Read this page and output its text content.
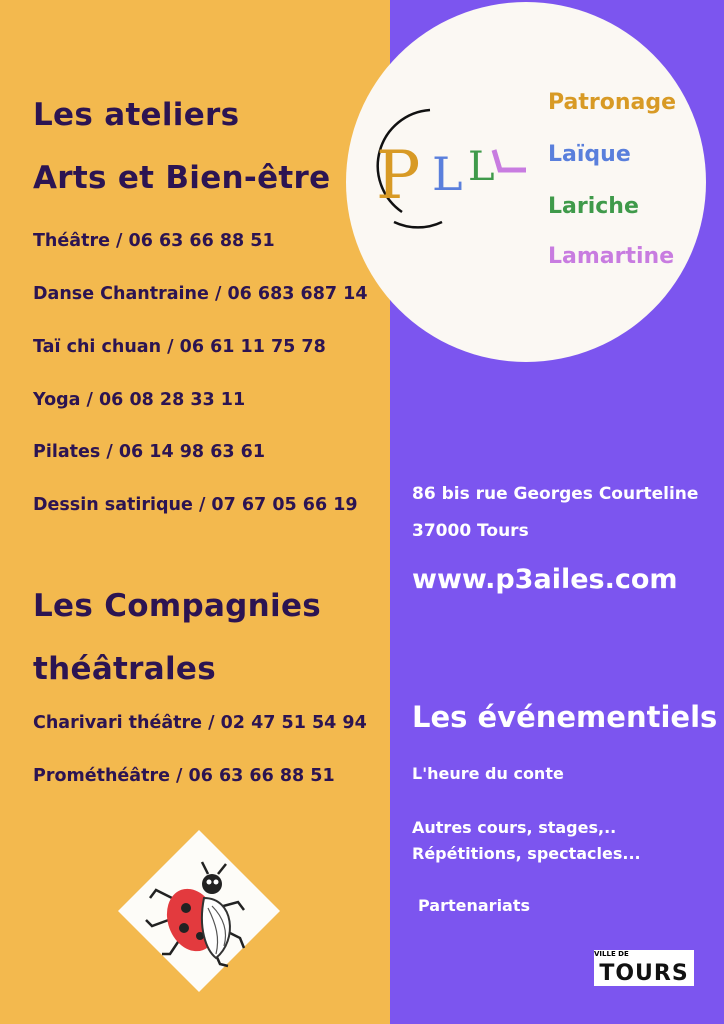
Les ateliers
Arts et Bien-être
Théâtre / 06 63 66 88 51
Danse Chantraine / 06 683 687 14
Taï chi chuan / 06 61 11 75 78
Yoga / 06 08 28 33 11
Pilates / 06 14 98 63 61
Dessin satirique / 07 67 05 66 19
Les Compagnies
théâtrales
Charivari théâtre / 02 47 51 54 94
Prométhéâtre / 06 63 66 88 51
P L L
Patronage
Laïque
Lariche
Lamartine
86 bis rue Georges Courteline
37000 Tours
www.p3ailes.com
Les événementiels
L'heure du conte
Autres cours, stages,..
Répétitions, spectacles...
Partenariats
VILLE DE
TOURS
